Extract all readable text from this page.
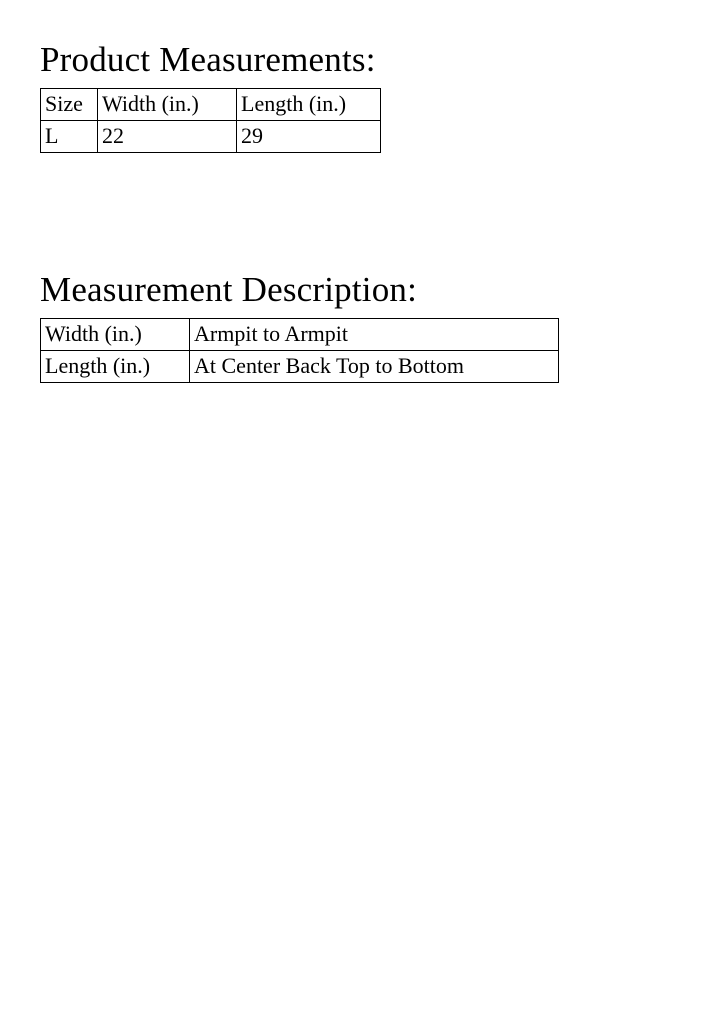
Product Measurements:
Size	Width (in.)	Length (in.)
L	22	29
Measurement Description:
Width (in.)	Armpit to Armpit
Length (in.)	At Center Back Top to Bottom
